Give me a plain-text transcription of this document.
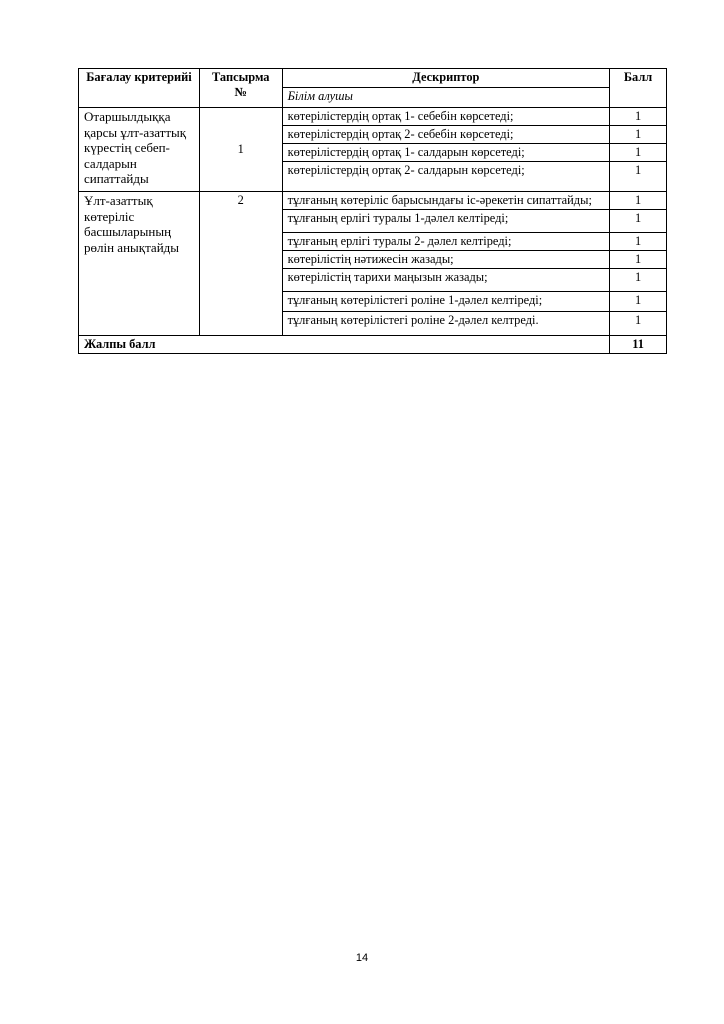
Бағалау критерийі	Тапсырма №	Дескриптор	Балл
		Білім алушы	
Отаршылдыққа қарсы ұлт-азаттық күрестің себеп-салдарын сипаттайды	1	көтерілістердің ортақ 1- себебін көрсетеді;	1
		көтерілістердің ортақ 2- себебін көрсетеді;	1
		көтерілістердің ортақ 1- салдарын көрсетеді;	1
		көтерілістердің ортақ 2- салдарын көрсетеді;	1
Ұлт-азаттық көтеріліс басшыларының рөлін анықтайды	2	тұлғаның көтеріліс барысындағы іс-әрекетін сипаттайды;	1
		тұлғаның ерлігі туралы 1-дәлел келтіреді;	1
		тұлғаның ерлігі туралы 2- дәлел келтіреді;	1
		көтерілістің нәтижесін жазады;	1
		көтерілістің тарихи маңызын жазады;	1
		тұлғаның көтерілістегі роліне 1-дәлел келтіреді;	1
		тұлғаның көтерілістегі роліне 2-дәлел келтреді.	1
Жалпы балл			11
14
